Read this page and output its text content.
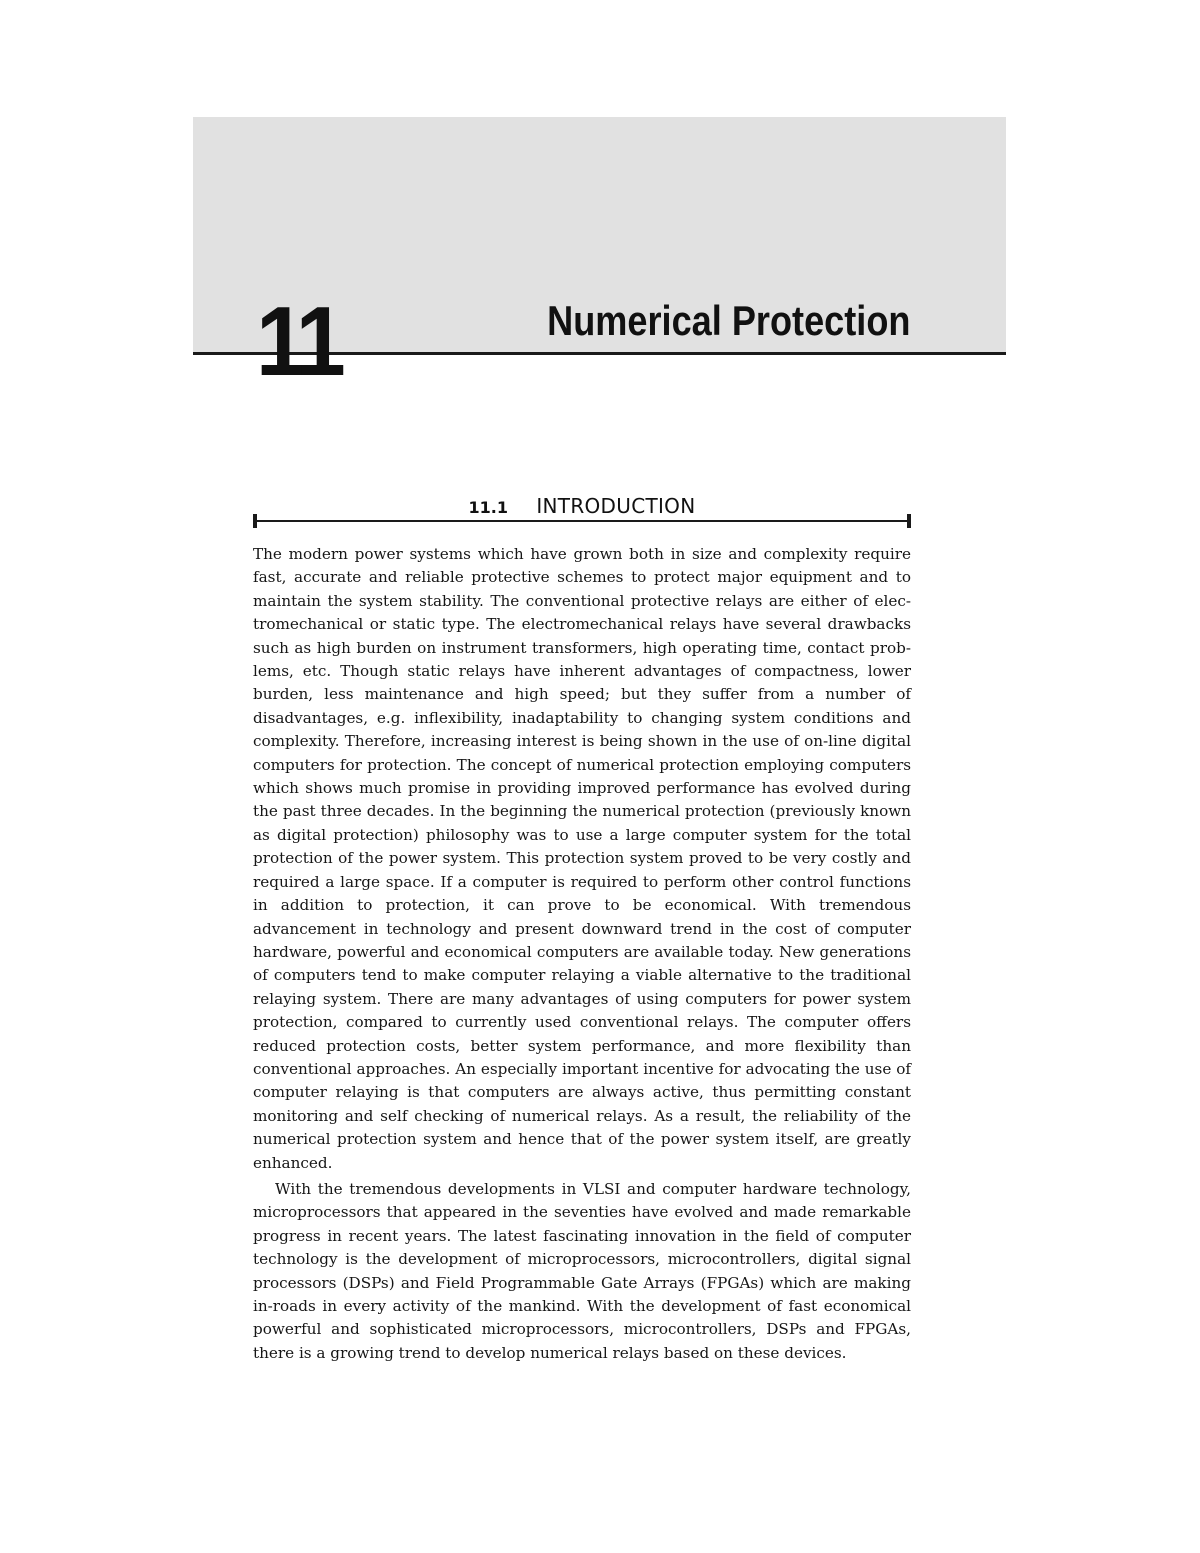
11	Numerical Protection
11.1 INTRODUCTION

The modern power systems which have grown both in size and complexity require fast, accurate and reliable protective schemes to protect major equipment and to maintain the system stability. The conventional protective relays are either of electromechanical or static type. The electromechanical relays have several drawbacks such as high burden on instrument transformers, high operating time, contact problems, etc. Though static relays have inherent advantages of compactness, lower burden, less maintenance and high speed; but they suffer from a number of disadvantages, e.g. inflexibility, inadaptability to changing system conditions and complexity. Therefore, increasing interest is being shown in the use of on-line digital computers for protection. The concept of numerical protection employing computers which shows much promise in providing improved performance has evolved during the past three decades. In the beginning the numerical protection (previously known as digital protection) philosophy was to use a large computer system for the total protection of the power system. This protection system proved to be very costly and required a large space. If a computer is required to perform other control functions in addition to protection, it can prove to be economical. With tremendous advancement in technology and present downward trend in the cost of computer hardware, powerful and economical computers are available today. New generations of computers tend to make computer relaying a viable alternative to the traditional relaying system. There are many advantages of using computers for power system protection, compared to currently used conventional relays. The computer offers reduced protection costs, better system performance, and more flexibility than conventional approaches. An especially important incentive for advocating the use of computer relaying is that computers are always active, thus permitting constant monitoring and self checking of numerical relays. As a result, the reliability of the numerical protection system and hence that of the power system itself, are greatly enhanced.

With the tremendous developments in VLSI and computer hardware technology, microprocessors that appeared in the seventies have evolved and made remarkable progress in recent years. The latest fascinating innovation in the field of computer technology is the development of microprocessors, microcontrollers, digital signal processors (DSPs) and Field Programmable Gate Arrays (FPGAs) which are making in-roads in every activity of the mankind. With the development of fast economical powerful and sophisticated microprocessors, microcontrollers, DSPs and FPGAs, there is a growing trend to develop numerical relays based on these devices.
